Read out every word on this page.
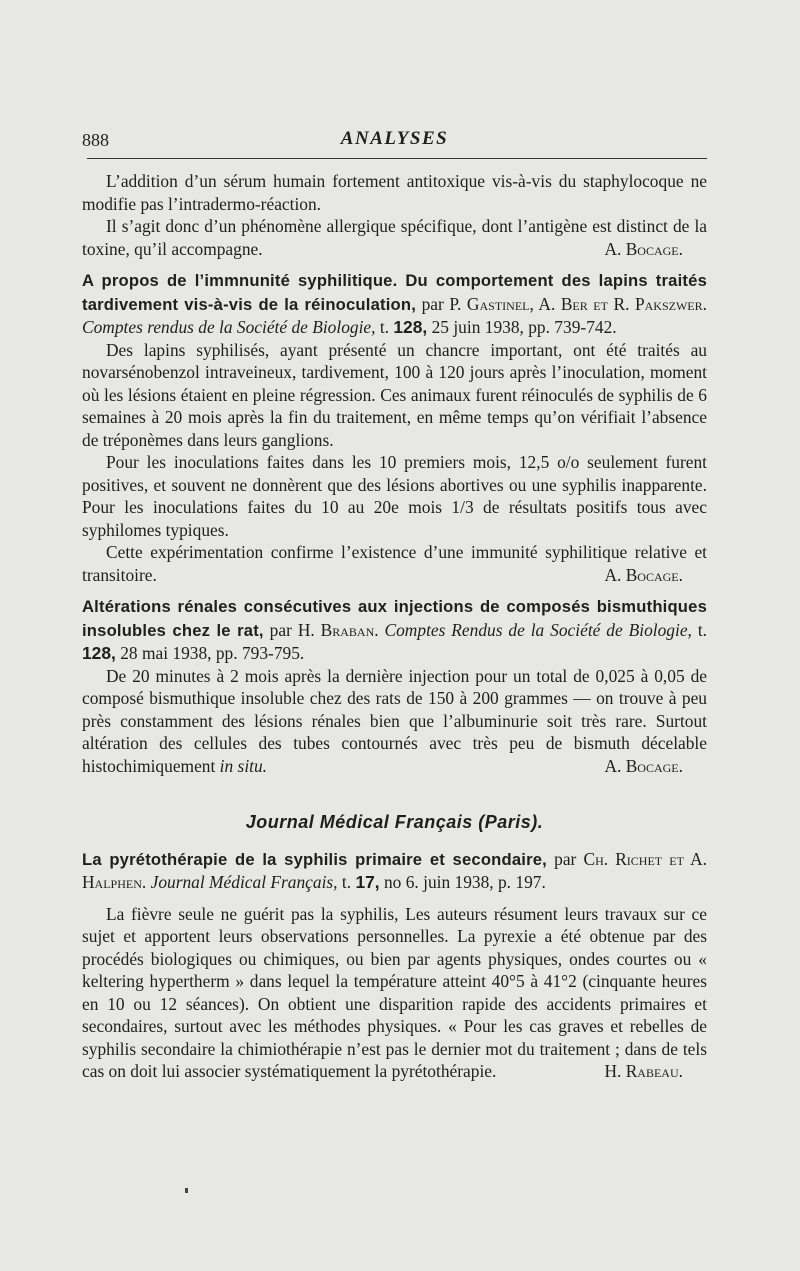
888	ANALYSES

L’addition d’un sérum humain fortement antitoxique vis-à-vis du staphylocoque ne modifie pas l’intradermo-réaction.

Il s’agit donc d’un phénomène allergique spécifique, dont l’antigène est distinct de la toxine, qu’il accompagne.	A. Bocage.

A propos de l’immnunité syphilitique. Du comportement des lapins traités tardivement vis-à-vis de la réinoculation, par P. Gastinel, A. Ber et R. Pakszwer. Comptes rendus de la Société de Biologie, t. 128, 25 juin 1938, pp. 739-742.

Des lapins syphilisés, ayant présenté un chancre important, ont été traités au novarsénobenzol intraveineux, tardivement, 100 à 120 jours après l’inoculation, moment où les lésions étaient en pleine régression. Ces animaux furent réinoculés de syphilis de 6 semaines à 20 mois après la fin du traitement, en même temps qu’on vérifiait l’absence de tréponèmes dans leurs ganglions.

Pour les inoculations faites dans les 10 premiers mois, 12,5 o/o seulement furent positives, et souvent ne donnèrent que des lésions abortives ou une syphilis inapparente. Pour les inoculations faites du 10 au 20e mois 1/3 de résultats positifs tous avec syphilomes typiques.

Cette expérimentation confirme l’existence d’une immunité syphilitique relative et transitoire.	A. Bocage.

Altérations rénales consécutives aux injections de composés bismuthiques insolubles chez le rat, par H. Braban. Comptes Rendus de la Société de Biologie, t. 128, 28 mai 1938, pp. 793-795.

De 20 minutes à 2 mois après la dernière injection pour un total de 0,025 à 0,05 de composé bismuthique insoluble chez des rats de 150 à 200 grammes — on trouve à peu près constamment des lésions rénales bien que l’albuminurie soit très rare. Surtout altération des cellules des tubes contournés avec très peu de bismuth décelable histochimiquement in situ.	A. Bocage.

Journal Médical Français (Paris).

La pyrétothérapie de la syphilis primaire et secondaire, par Ch. Richet et A. Halphen. Journal Médical Français, t. 17, no 6. juin 1938, p. 197.

La fièvre seule ne guérit pas la syphilis, Les auteurs résument leurs travaux sur ce sujet et apportent leurs observations personnelles. La pyrexie a été obtenue par des procédés biologiques ou chimiques, ou bien par agents physiques, ondes courtes ou « keltering hypertherm » dans lequel la température atteint 40°5 à 41°2 (cinquante heures en 10 ou 12 séances). On obtient une disparition rapide des accidents primaires et secondaires, surtout avec les méthodes physiques. « Pour les cas graves et rebelles de syphilis secondaire la chimiothérapie n’est pas le dernier mot du traitement ; dans de tels cas on doit lui associer systématiquement la pyrétothérapie.	H. Rabeau.
